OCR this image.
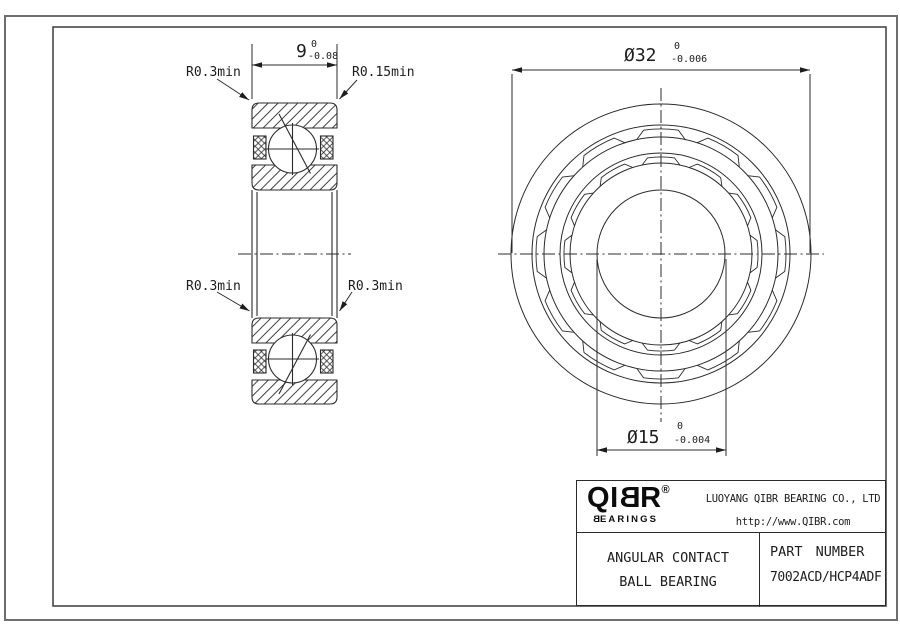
9 0
-0.08
R0.3min	R0.15min
R0.3min	R0.3min
Ø32 0
-0.006
Ø15
0
-0.004
QIBR®
BEARINGS
LUOYANG QIBR BEARING CO., LTD
http://www.QIBR.com
ANGULAR CONTACT
BALL BEARING
PART NUMBER
7002ACD/HCP4ADF
